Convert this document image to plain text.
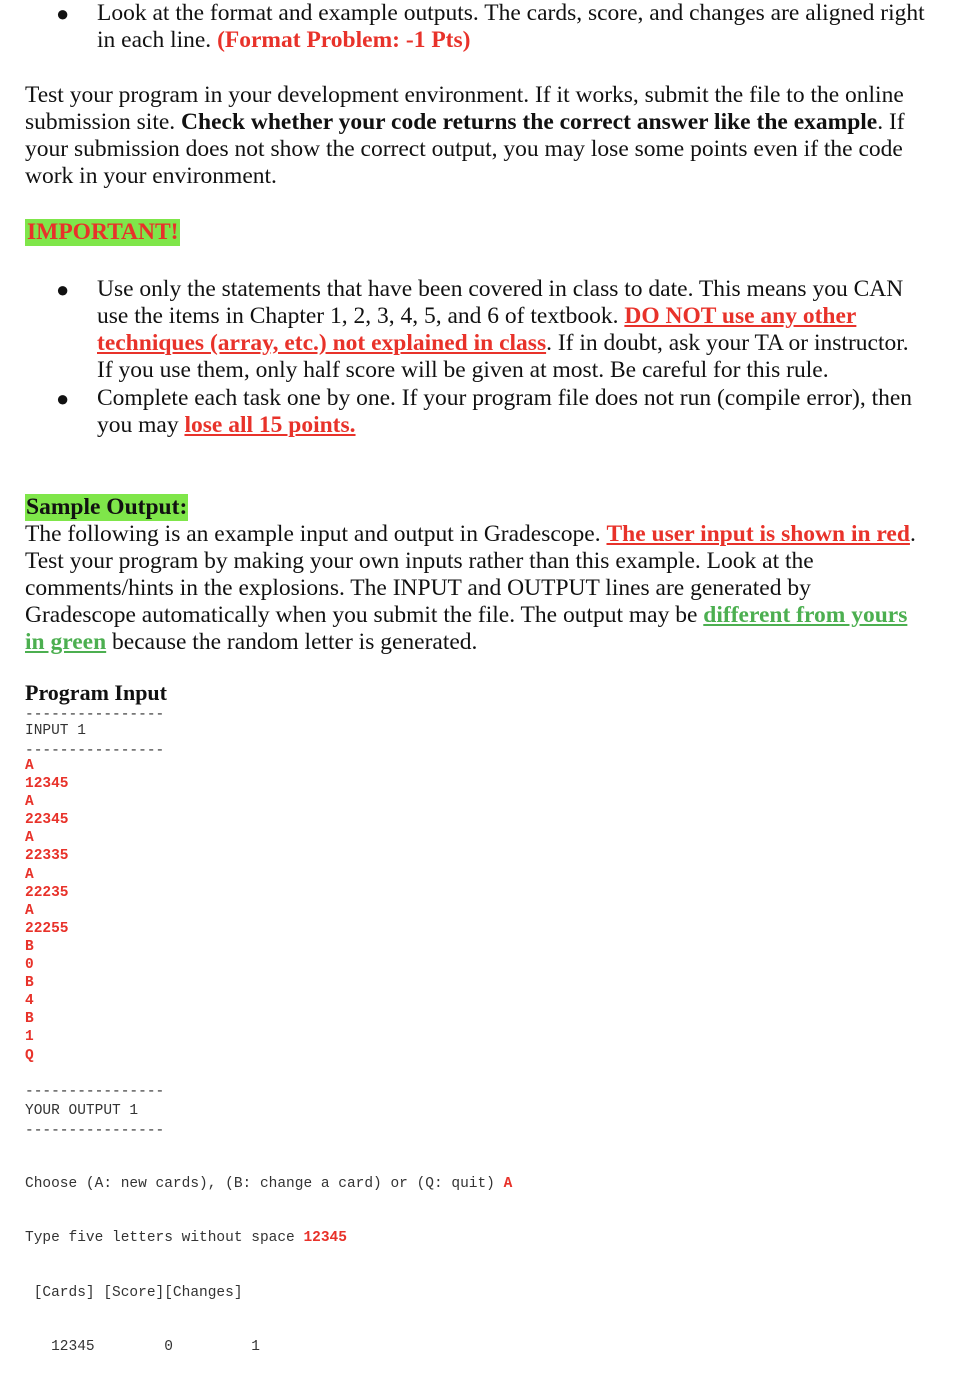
● Look at the format and example outputs. The cards, score, and changes are aligned right in each line. (Format Problem: -1 Pts)

Test your program in your development environment. If it works, submit the file to the online submission site. Check whether your code returns the correct answer like the example. If your submission does not show the correct output, you may lose some points even if the code work in your environment.

IMPORTANT!
● Use only the statements that have been covered in class to date. This means you CAN use the items in Chapter 1, 2, 3, 4, 5, and 6 of textbook. DO NOT use any other techniques (array, etc.) not explained in class. If in doubt, ask your TA or instructor. If you use them, only half score will be given at most. Be careful for this rule.
● Complete each task one by one. If your program file does not run (compile error), then you may lose all 15 points.
Sample Output:
The following is an example input and output in Gradescope. The user input is shown in red. Test your program by making your own inputs rather than this example. Look at the comments/hints in the explosions. The INPUT and OUTPUT lines are generated by Gradescope automatically when you submit the file. The output may be different from yours in green because the random letter is generated.
Program Input
----------------
INPUT 1
----------------
A
12345
A
22345
A
22335
A
22235
A
22255
B
0
B
4
B
1
Q
----------------
YOUR OUTPUT 1
----------------

Choose (A: new cards), (B: change a card) or (Q: quit) A

Type five letters without space 12345

[Cards] [Score][Changes]

12345        0         1
